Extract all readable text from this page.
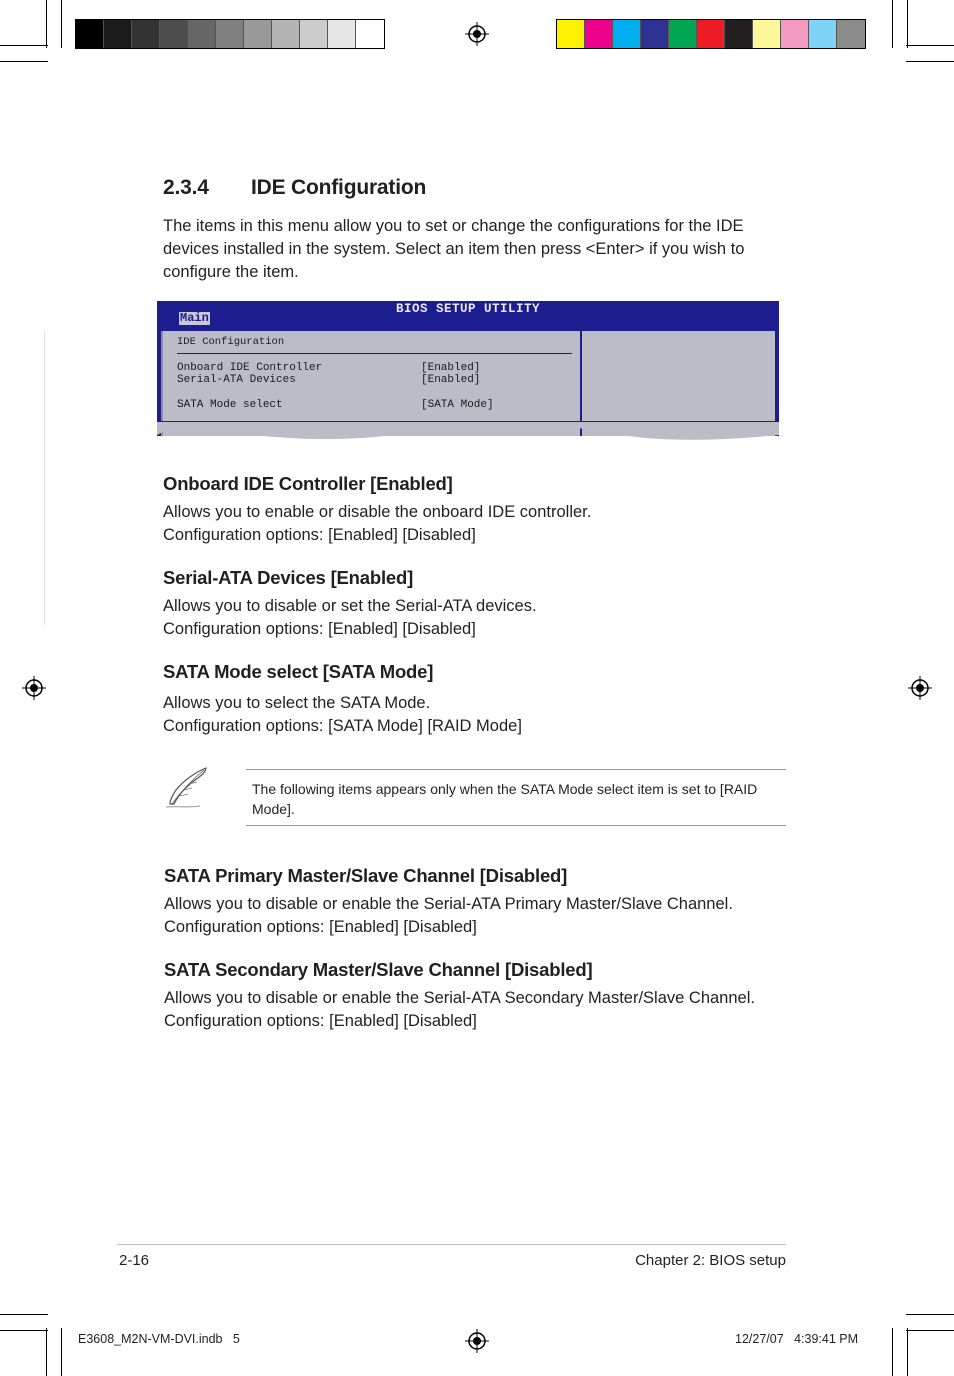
2.3.4 IDE Configuration

The items in this menu allow you to set or change the configurations for the IDE devices installed in the system. Select an item then press <Enter> if you wish to configure the item.

BIOS SETUP UTILITY
Main
IDE Configuration
Onboard IDE Controller	[Enabled]
Serial-ATA Devices	[Enabled]
SATA Mode select	[SATA Mode]
Onboard IDE Controller [Enabled]

Allows you to enable or disable the onboard IDE controller.

Configuration options: [Enabled] [Disabled]

Serial-ATA Devices [Enabled]

Allows you to disable or set the Serial-ATA devices.

Configuration options: [Enabled] [Disabled]

SATA Mode select [SATA Mode]

Allows you to select the SATA Mode.

Configuration options: [SATA Mode] [RAID Mode]

The following items appears only when the SATA Mode select item is set to [RAID Mode].

SATA Primary Master/Slave Channel [Disabled]

Allows you to disable or enable the Serial-ATA Primary Master/Slave Channel.

Configuration options: [Enabled] [Disabled]

SATA Secondary Master/Slave Channel [Disabled]

Allows you to disable or enable the Serial-ATA Secondary Master/Slave Channel.

Configuration options: [Enabled] [Disabled]

2-16	Chapter 2: BIOS setup
E3608_M2N-VM-DVI.indb   5	12/27/07   4:39:41 PM
